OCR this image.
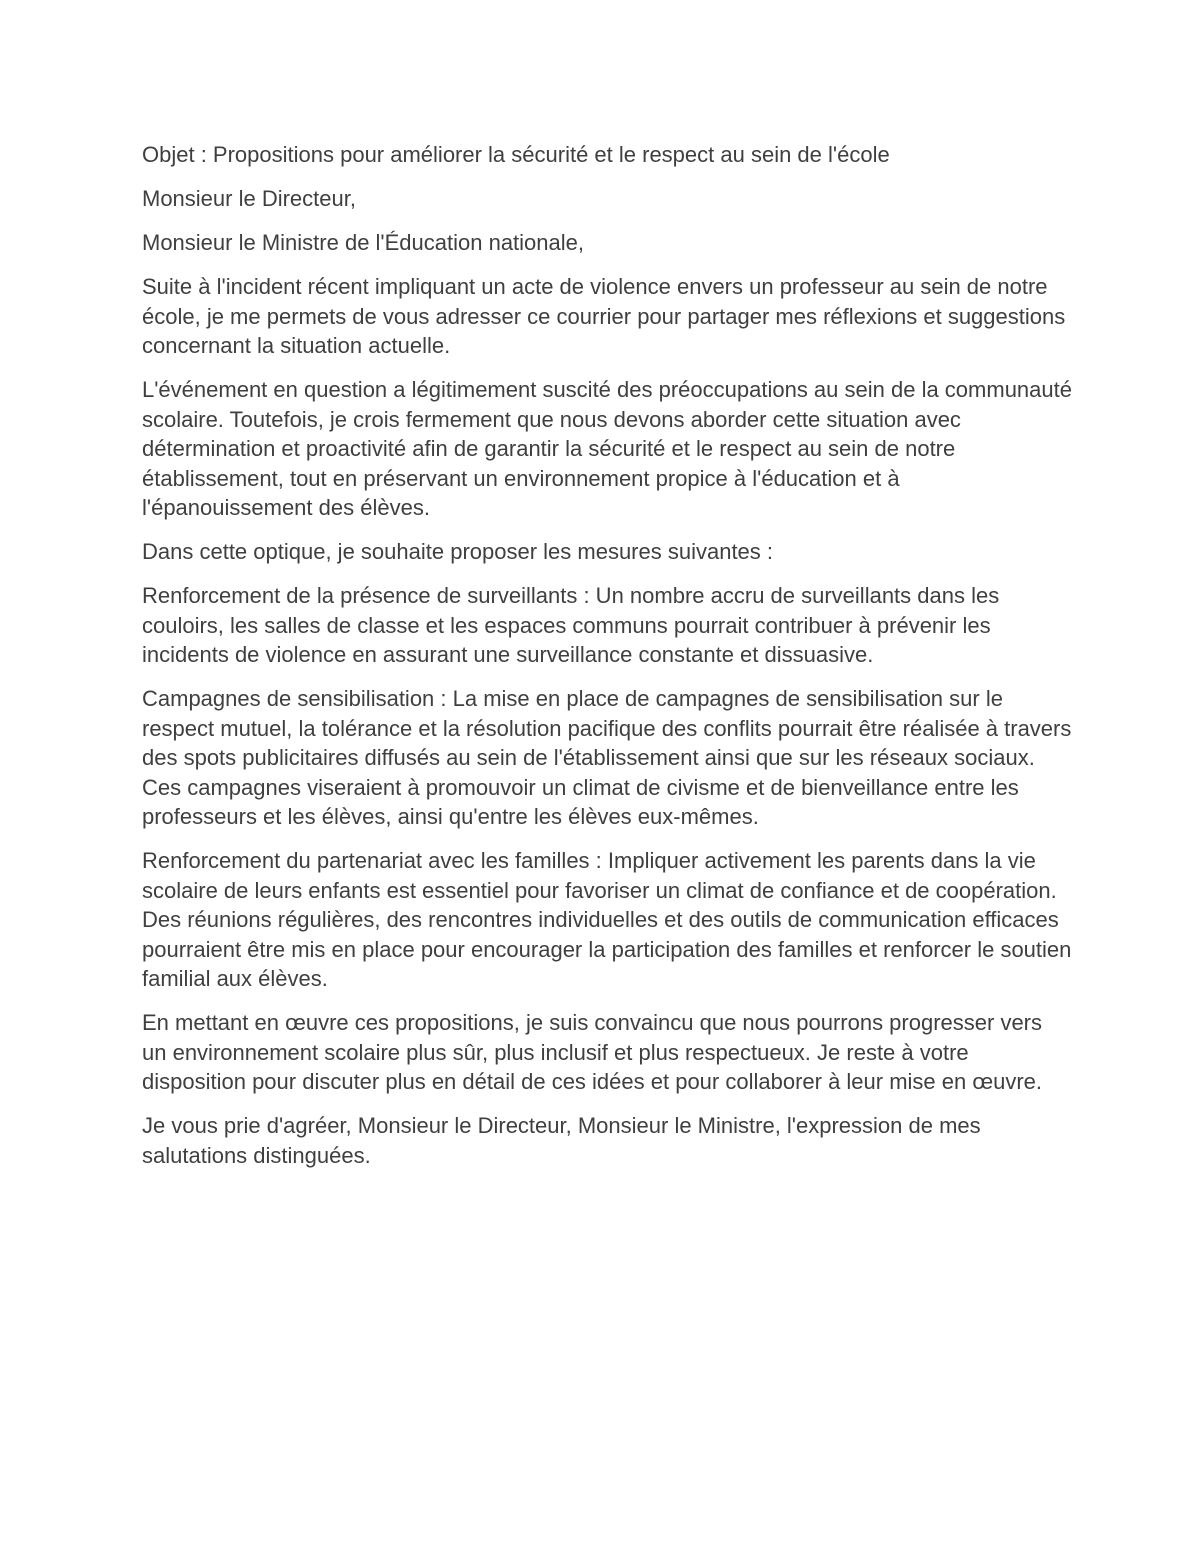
Objet : Propositions pour améliorer la sécurité et le respect au sein de l'école

Monsieur le Directeur,

Monsieur le Ministre de l'Éducation nationale,

Suite à l'incident récent impliquant un acte de violence envers un professeur au sein de notre école, je me permets de vous adresser ce courrier pour partager mes réflexions et suggestions concernant la situation actuelle.

L'événement en question a légitimement suscité des préoccupations au sein de la communauté scolaire. Toutefois, je crois fermement que nous devons aborder cette situation avec détermination et proactivité afin de garantir la sécurité et le respect au sein de notre établissement, tout en préservant un environnement propice à l'éducation et à l'épanouissement des élèves.

Dans cette optique, je souhaite proposer les mesures suivantes :

Renforcement de la présence de surveillants : Un nombre accru de surveillants dans les couloirs, les salles de classe et les espaces communs pourrait contribuer à prévenir les incidents de violence en assurant une surveillance constante et dissuasive.

Campagnes de sensibilisation : La mise en place de campagnes de sensibilisation sur le respect mutuel, la tolérance et la résolution pacifique des conflits pourrait être réalisée à travers des spots publicitaires diffusés au sein de l'établissement ainsi que sur les réseaux sociaux. Ces campagnes viseraient à promouvoir un climat de civisme et de bienveillance entre les professeurs et les élèves, ainsi qu'entre les élèves eux-mêmes.

Renforcement du partenariat avec les familles : Impliquer activement les parents dans la vie scolaire de leurs enfants est essentiel pour favoriser un climat de confiance et de coopération. Des réunions régulières, des rencontres individuelles et des outils de communication efficaces pourraient être mis en place pour encourager la participation des familles et renforcer le soutien familial aux élèves.

En mettant en œuvre ces propositions, je suis convaincu que nous pourrons progresser vers un environnement scolaire plus sûr, plus inclusif et plus respectueux. Je reste à votre disposition pour discuter plus en détail de ces idées et pour collaborer à leur mise en œuvre.

Je vous prie d'agréer, Monsieur le Directeur, Monsieur le Ministre, l'expression de mes salutations distinguées.
